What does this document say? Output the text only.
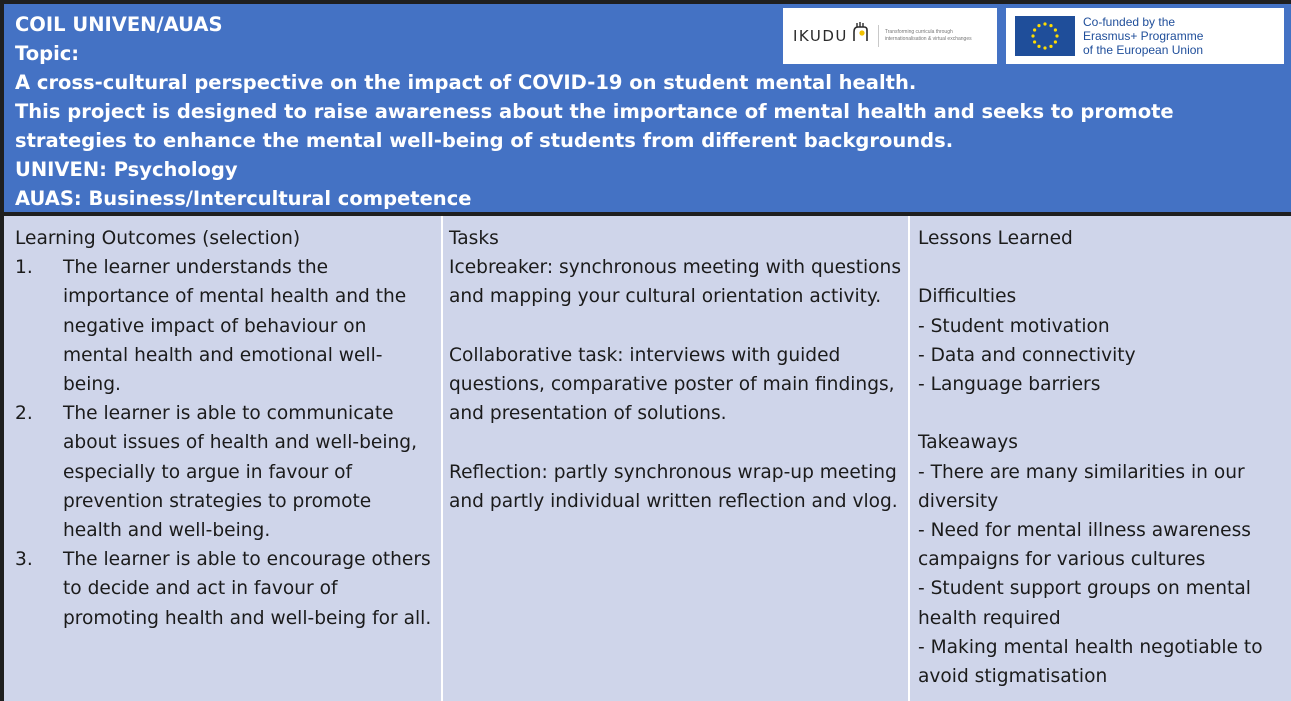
COIL UNIVEN/AUAS
Topic:
A cross-cultural perspective on the impact of COVID-19 on student mental health.
This project is designed to raise awareness about the importance of mental health and seeks to promote strategies to enhance the mental well-being of students from different backgrounds.
UNIVEN: Psychology
AUAS: Business/Intercultural competence
IKUDU	Transforming curricula through internationalisation & virtual exchanges
Co-funded by the
Erasmus+ Programme
of the European Union
Learning Outcomes (selection)
1.	The learner understands the importance of mental health and the negative impact of behaviour on mental health and emotional well-being.
2.	The learner is able to communicate about issues of health and well-being, especially to argue in favour of prevention strategies to promote health and well-being.
3.	The learner is able to encourage others to decide and act in favour of promoting health and well-being for all.
Tasks

Icebreaker: synchronous meeting with questions and mapping your cultural orientation activity.

Collaborative task: interviews with guided questions, comparative poster of main findings, and presentation of solutions.

Reflection: partly synchronous wrap-up meeting and partly individual written reflection and vlog.

Lessons Learned
Difficulties
- Student motivation
- Data and connectivity
- Language barriers
Takeaways
- There are many similarities in our diversity
- Need for mental illness awareness campaigns for various cultures
- Student support groups on mental health required
- Making mental health negotiable to avoid stigmatisation
